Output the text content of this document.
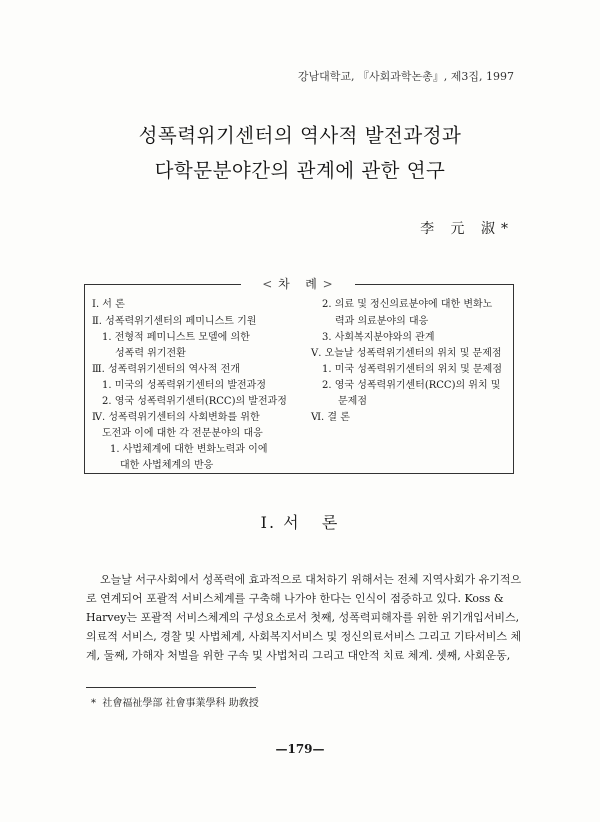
강남대학교, 『사회과학논총』, 제3집, 1997
성폭력위기센터의 역사적 발전과정과
다학문분야간의 관계에 관한 연구
李 元 淑*
< 차   례 >
Ⅰ. 서 론
Ⅱ. 성폭력위기센터의 페미니스트 기원
1. 전형적 페미니스트 모델에 의한
성폭력 위기전환
Ⅲ. 성폭력위기센터의 역사적 전개
1. 미국의 성폭력위기센터의 발전과정
2. 영국 성폭력위기센터(RCC)의 발전과정
Ⅳ. 성폭력위기센터의 사회변화를 위한
도전과 이에 대한 각 전문분야의 대응
1. 사법체계에 대한 변화노력과 이에
대한 사법체계의 반응
2. 의료 및 정신의료분야에 대한 변화노
력과 의료분야의 대응
3. 사회복지분야와의 관계
Ⅴ. 오늘날 성폭력위기센터의 위치 및 문제점
1. 미국 성폭력위기센터의 위치 및 문제점
2. 영국 성폭력위기센터(RCC)의 위치 및
문제점
Ⅵ. 결 론
Ⅰ. 서   론
오늘날 서구사회에서 성폭력에 효과적으로 대처하기 위해서는 전체 지역사회가 유기적으
로 연계되어 포괄적 서비스체계를 구축해 나가야 한다는 인식이 점증하고 있다. Koss &
Harvey는 포괄적 서비스체계의 구성요소로서 첫째, 성폭력피해자를 위한 위기개입서비스,
의료적 서비스, 경찰 및 사법체계, 사회복지서비스 및 정신의료서비스 그리고 기타서비스 체
계, 둘째, 가해자 처벌을 위한 구속 및 사법처리 그리고 대안적 치료 체계. 셋째, 사회운동,
*  社會福祉學部 社會事業學科 助敎授
—179—
